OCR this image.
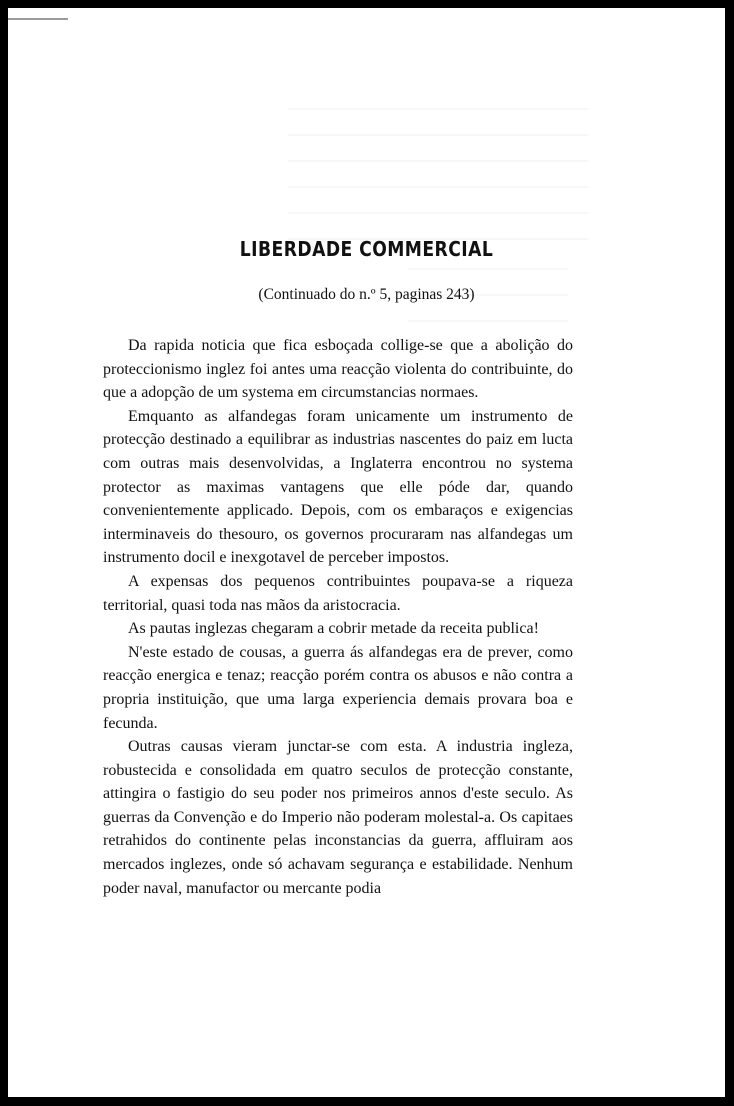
LIBERDADE COMMERCIAL
(Continuado do n.º 5, paginas 243)

Da rapida noticia que fica esboçada collige-se que a abolição do proteccionismo inglez foi antes uma reacção violenta do contribuinte, do que a adopção de um systema em circumstancias normaes.

Emquanto as alfandegas foram unicamente um instrumento de protecção destinado a equilibrar as industrias nascentes do paiz em lucta com outras mais desenvolvidas, a Inglaterra encontrou no systema protector as maximas vantagens que elle póde dar, quando convenientemente applicado. Depois, com os embaraços e exigencias interminaveis do thesouro, os governos procuraram nas alfandegas um instrumento docil e inexgotavel de perceber impostos.

A expensas dos pequenos contribuintes poupava-se a riqueza territorial, quasi toda nas mãos da aristocracia.

As pautas inglezas chegaram a cobrir metade da receita publica!

N'este estado de cousas, a guerra ás alfandegas era de prever, como reacção energica e tenaz; reacção porém contra os abusos e não contra a propria instituição, que uma larga experiencia demais provara boa e fecunda.

Outras causas vieram junctar-se com esta. A industria ingleza, robustecida e consolidada em quatro seculos de protecção constante, attingira o fastigio do seu poder nos primeiros annos d'este seculo. As guerras da Convenção e do Imperio não poderam molestal-a. Os capitaes retrahidos do continente pelas inconstancias da guerra, affluiram aos mercados inglezes, onde só achavam segurança e estabilidade. Nenhum poder naval, manufactor ou mercante podia
